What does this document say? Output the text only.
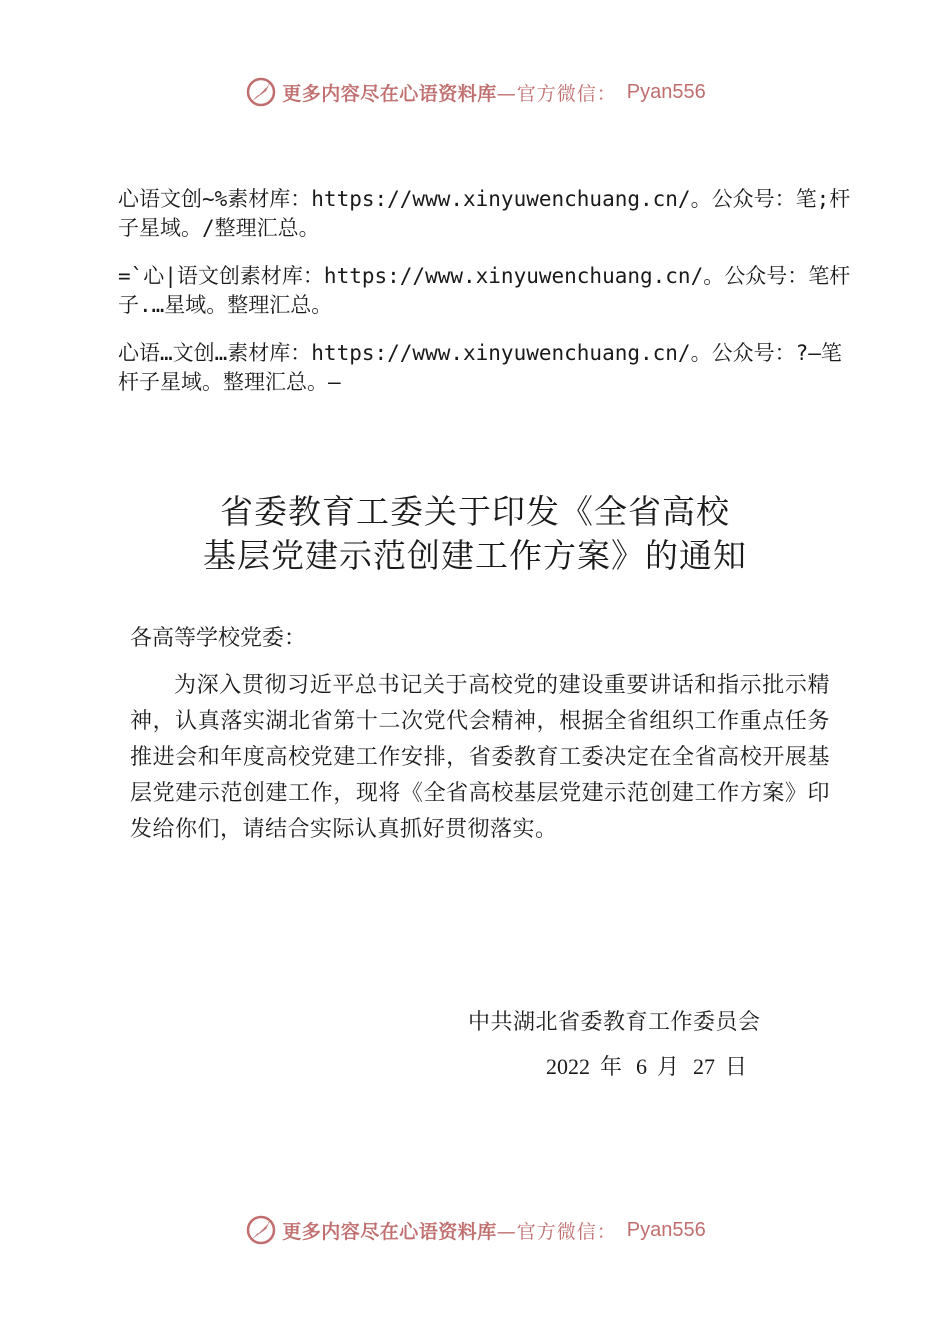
更多内容尽在心语资料库 —官方微信： Pyan556
心语文创~%素材库：https://www.xinyuwenchuang.cn/。公众号：笔;杆子星域。/整理汇总。
=`心|语文创素材库：https://www.xinyuwenchuang.cn/。公众号：笔杆子.…星域。整理汇总。
心语…文创…素材库：https://www.xinyuwenchuang.cn/。公众号：?—笔杆子星域。整理汇总。—
省委教育工委关于印发《全省高校
基层党建示范创建工作方案》的通知
各高等学校党委：
为深入贯彻习近平总书记关于高校党的建设重要讲话和指示批示精神，认真落实湖北省第十二次党代会精神，根据全省组织工作重点任务推进会和年度高校党建工作安排，省委教育工委决定在全省高校开展基层党建示范创建工作，现将《全省高校基层党建示范创建工作方案》印发给你们，请结合实际认真抓好贯彻落实。
中共湖北省委教育工作委员会
2022 年 6 月 27 日
更多内容尽在心语资料库 —官方微信： Pyan556
